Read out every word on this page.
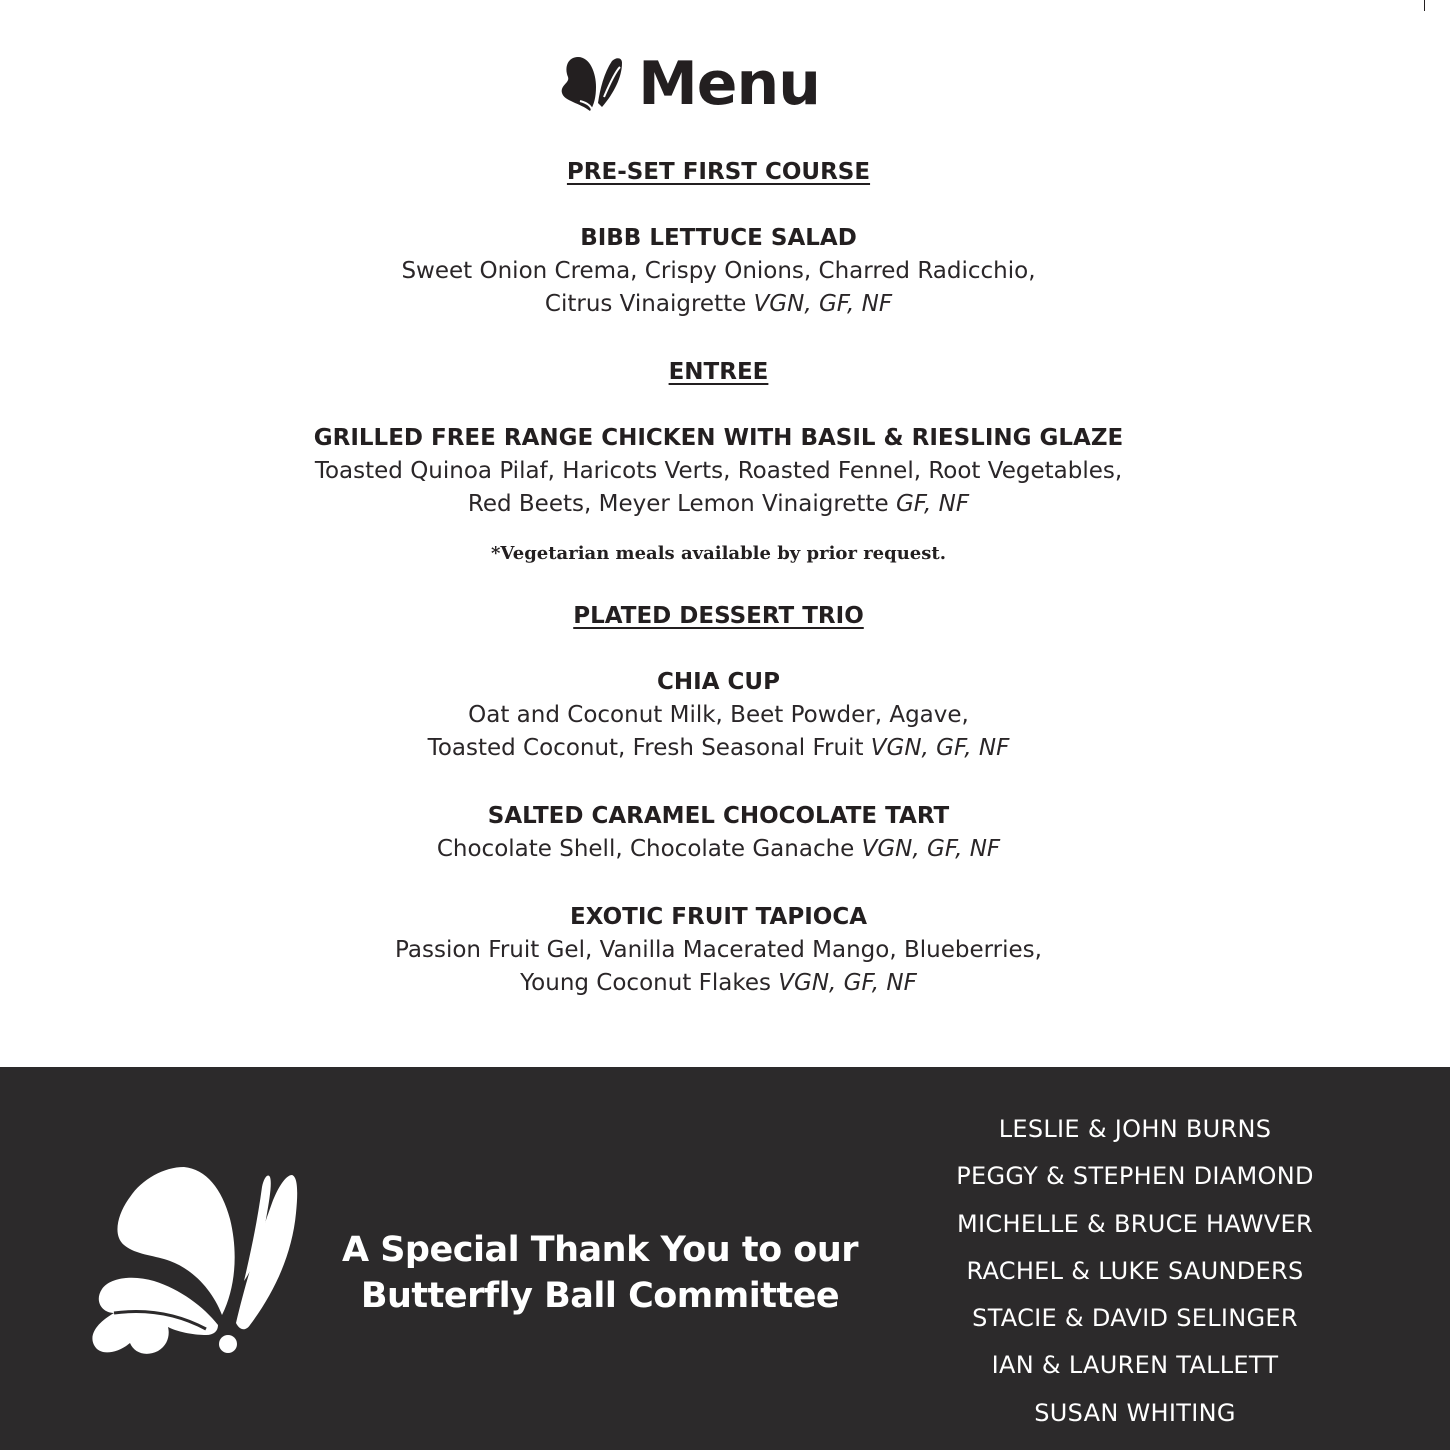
Menu
PRE-SET FIRST COURSE
BIBB LETTUCE SALAD
Sweet Onion Crema, Crispy Onions, Charred Radicchio,
Citrus Vinaigrette VGN, GF, NF
ENTREE
GRILLED FREE RANGE CHICKEN WITH BASIL & RIESLING GLAZE
Toasted Quinoa Pilaf, Haricots Verts, Roasted Fennel, Root Vegetables,
Red Beets, Meyer Lemon Vinaigrette GF, NF
*Vegetarian meals available by prior request.
PLATED DESSERT TRIO
CHIA CUP
Oat and Coconut Milk, Beet Powder, Agave,
Toasted Coconut, Fresh Seasonal Fruit VGN, GF, NF
SALTED CARAMEL CHOCOLATE TART
Chocolate Shell, Chocolate Ganache VGN, GF, NF
EXOTIC FRUIT TAPIOCA
Passion Fruit Gel, Vanilla Macerated Mango, Blueberries,
Young Coconut Flakes VGN, GF, NF
A Special Thank You to our
Butterfly Ball Committee
LESLIE & JOHN BURNS
PEGGY & STEPHEN DIAMOND
MICHELLE & BRUCE HAWVER
RACHEL & LUKE SAUNDERS
STACIE & DAVID SELINGER
IAN & LAUREN TALLETT
SUSAN WHITING
